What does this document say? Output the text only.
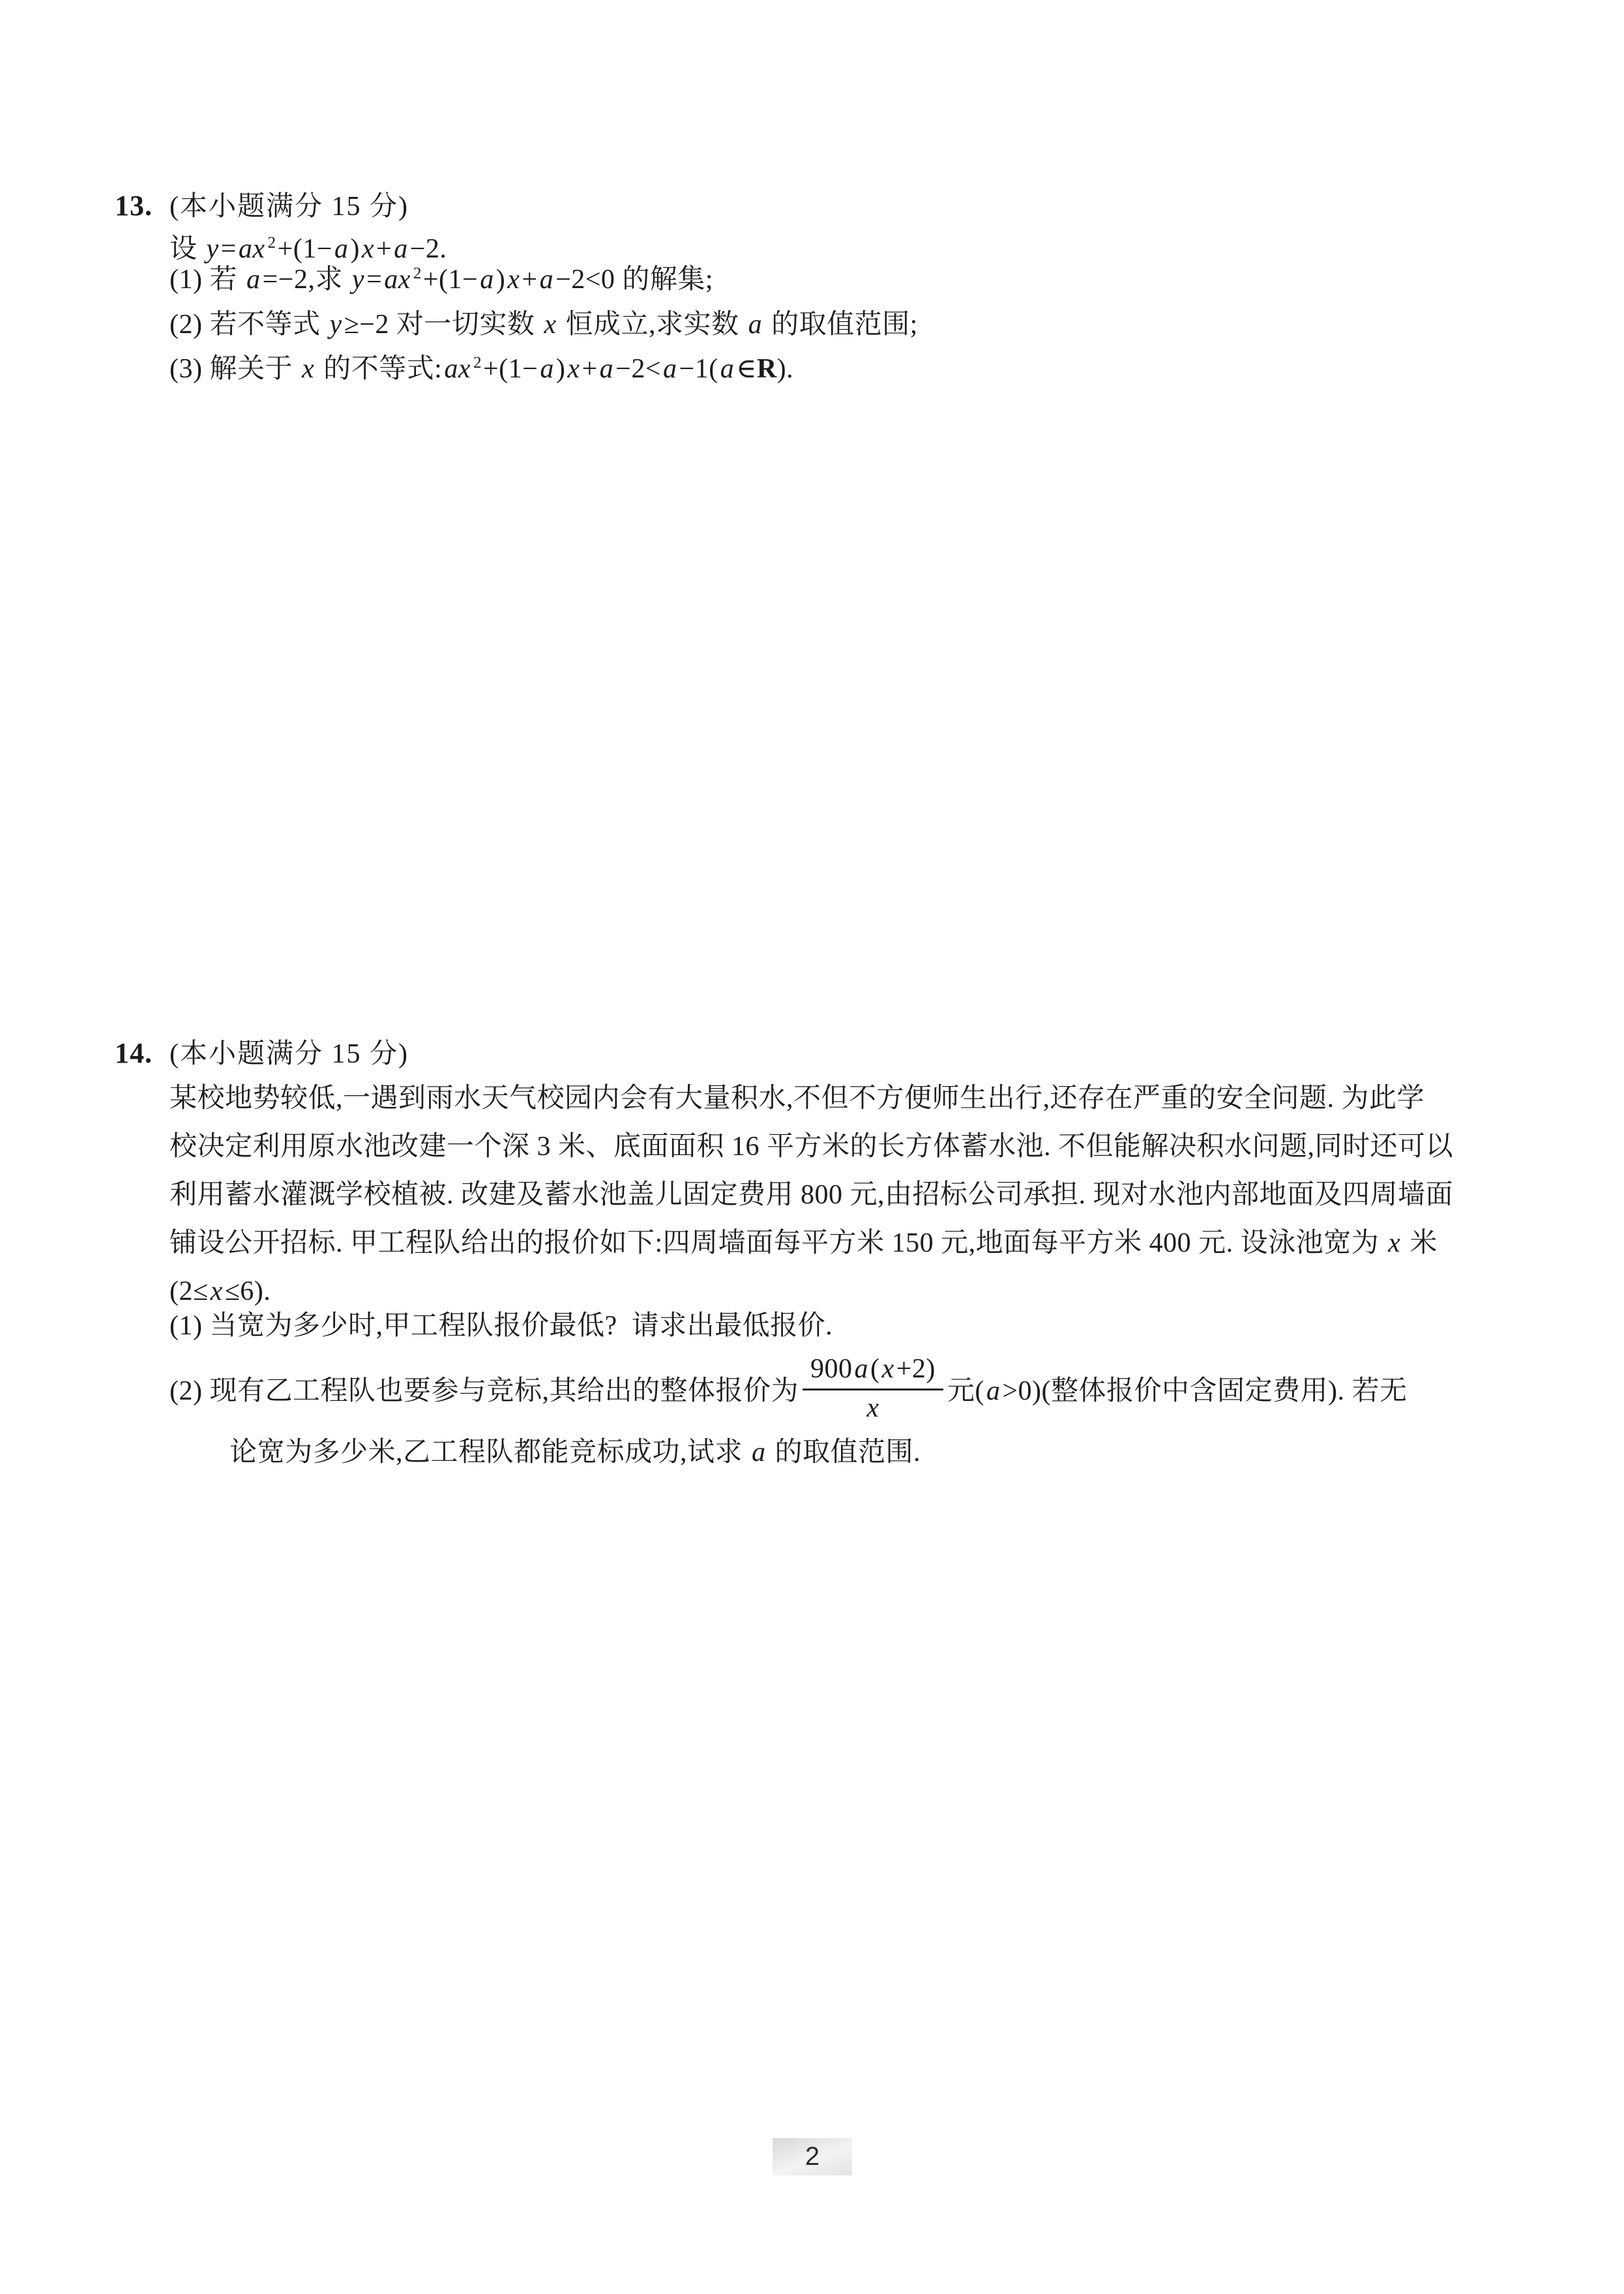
13. (本小题满分 15 分)
设 y=ax $^2$+(1−a)x+a−2.
(1) 若 a=−2,求 y=ax $^2$+(1−a)x+a−2<0 的解集;
(2) 若不等式 y≥−2 对一切实数 x 恒成立,求实数 a 的取值范围;
(3) 解关于 x 的不等式:ax $^2$+(1−a)x+a−2<a−1(a∈R).
14. (本小题满分 15 分)
某校地势较低,一遇到雨水天气校园内会有大量积水,不但不方便师生出行,还存在严重的安全问题. 为此学
校决定利用原水池改建一个深 3 米、底面面积 16 平方米的长方体蓄水池. 不但能解决积水问题,同时还可以
利用蓄水灌溉学校植被. 改建及蓄水池盖儿固定费用 800 元,由招标公司承担. 现对水池内部地面及四周墙面
铺设公开招标. 甲工程队给出的报价如下:四周墙面每平方米 150 元,地面每平方米 400 元. 设泳池宽为 x 米
(2≤x≤6).
(1) 当宽为多少时,甲工程队报价最低?  请求出最低报价.
(2) 现有乙工程队也要参与竞标,其给出的整体报价为 $\frac{900a(x+2)}{x}$ 元(a>0)(整体报价中含固定费用). 若无
论宽为多少米,乙工程队都能竞标成功,试求 a 的取值范围.
2
